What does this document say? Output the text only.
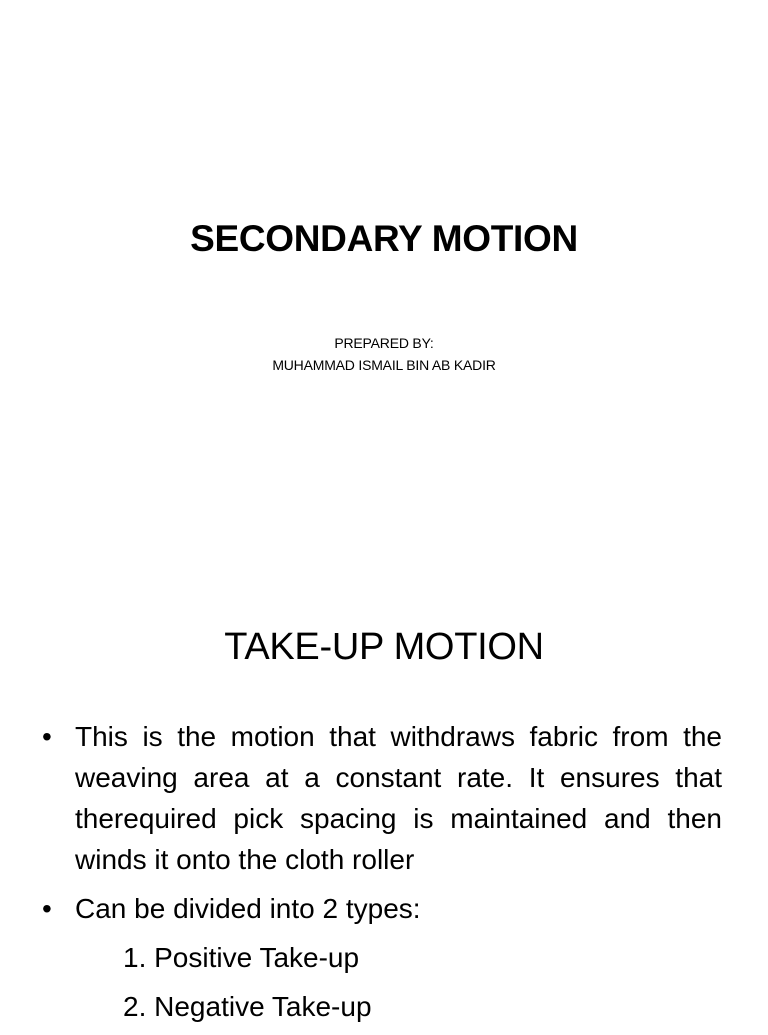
SECONDARY MOTION
PREPARED BY:
MUHAMMAD ISMAIL BIN AB KADIR
TAKE-UP MOTION
• This is the motion that withdraws fabric from the weaving area at a constant rate. It ensures that therequired pick spacing is maintained and then winds it onto the cloth roller
• Can be divided into 2 types:
1. Positive Take-up
2. Negative Take-up
